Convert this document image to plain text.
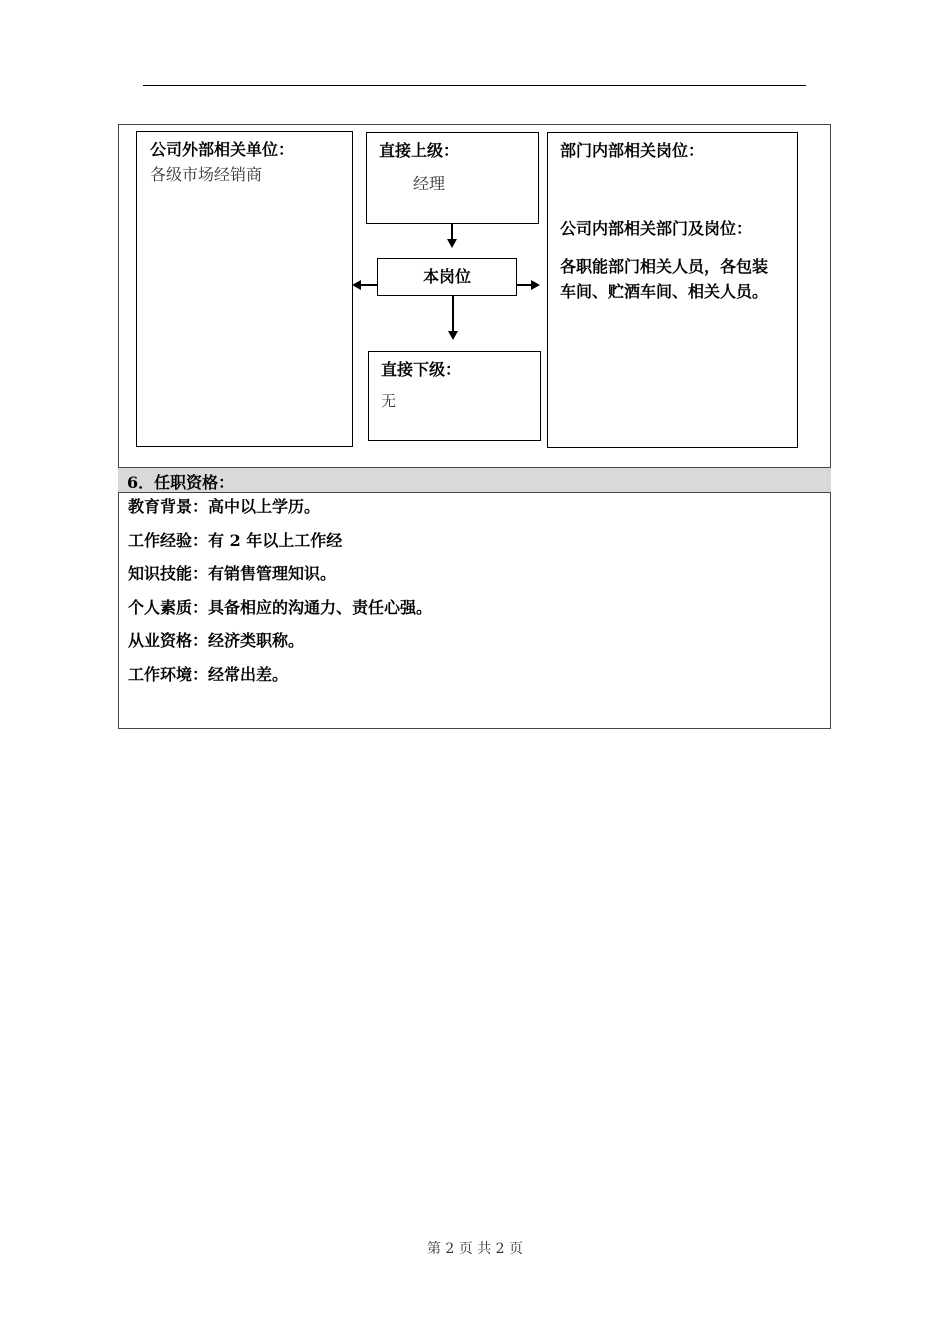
公司外部相关单位：
各级市场经销商
直接上级：
经理
本岗位
直接下级：
无
部门内部相关岗位：
公司内部相关部门及岗位：
各职能部门相关人员，各包装
车间、贮酒车间、相关人员。
6．任职资格：
教育背景：高中以上学历。
工作经验：有 2 年以上工作经
知识技能：有销售管理知识。
个人素质：具备相应的沟通力、责任心强。
从业资格：经济类职称。
工作环境：经常出差。
第 2 页 共 2 页
